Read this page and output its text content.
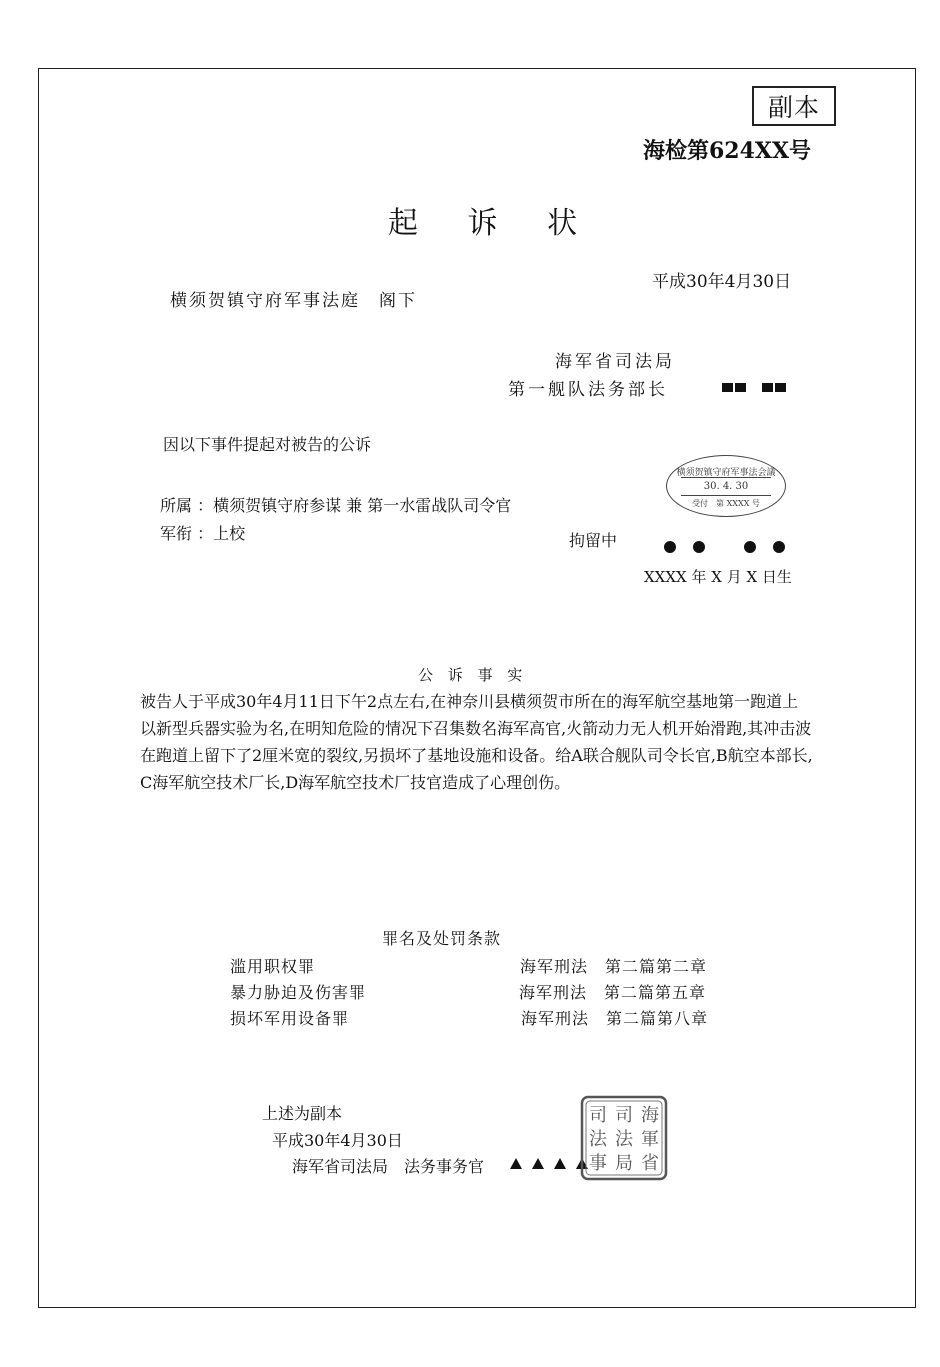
副本
海检第624XX号
起 诉 状
平成30年4月30日
横须贺镇守府军事法庭　阁下
海军省司法局
第一舰队法务部长
因以下事件提起对被告的公诉
横须贺镇守府军事法会議
30. 4. 30
受付　第 XXXX 号
所属 ：横须贺镇守府参谋 兼 第一水雷战队司令官
军衔 ：上校	拘留中
XXXX 年 X 月 X 日生
公 诉 事 实
被告人于平成30年4月11日下午2点左右,在神奈川县横须贺市所在的海军航空基地第一跑道上
以新型兵器实验为名,在明知危险的情况下召集数名海军高官,火箭动力无人机开始滑跑,其冲击波
在跑道上留下了2厘米宽的裂纹,另损坏了基地设施和设备。给A联合舰队司令长官,B航空本部长,
C海军航空技术厂长,D海军航空技术厂技官造成了心理创伤。
罪名及处罚条款
滥用职权罪	海军刑法　第二篇第二章
暴力胁迫及伤害罪	海军刑法　第二篇第五章
损坏军用设备罪	海军刑法　第二篇第八章
上述为副本
平成30年4月30日
海军省司法局　法务事务官
海
軍
省
司
法
局
司
法
事
